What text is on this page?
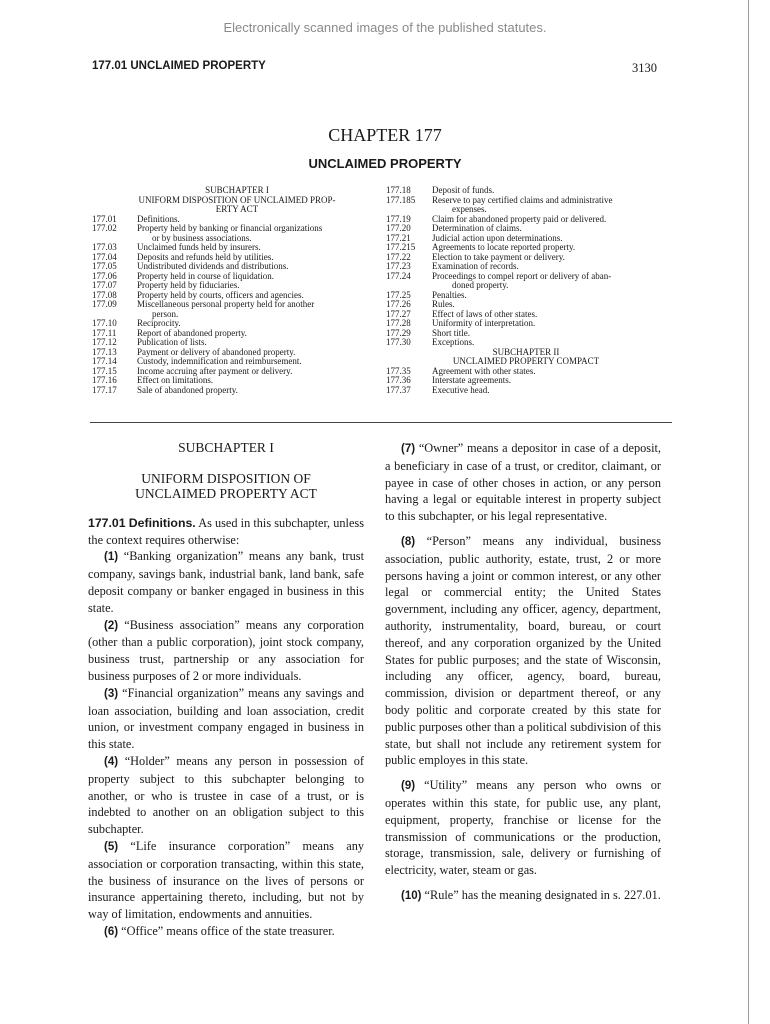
Electronically scanned images of the published statutes.
177.01 UNCLAIMED PROPERTY	3130
CHAPTER 177
UNCLAIMED PROPERTY
SUBCHAPTER I
UNIFORM DISPOSITION OF UNCLAIMED PROP-
ERTY ACT
177.01	Definitions.
177.02	Property held by banking or financial organizations
or by business associations.
177.03	Unclaimed funds held by insurers.
177.04	Deposits and refunds held by utilities.
177.05	Undistributed dividends and distributions.
177.06	Property held in course of liquidation.
177.07	Property held by fiduciaries.
177.08	Property held by courts, officers and agencies.
177.09	Miscellaneous personal property held for another
person.
177.10	Reciprocity.
177.11	Report of abandoned property.
177.12	Publication of lists.
177.13	Payment or delivery of abandoned property.
177.14	Custody, indemnification and reimbursement.
177.15	Income accruing after payment or delivery.
177.16	Effect on limitations.
177.17	Sale of abandoned property.
177.18	Deposit of funds.
177.185	Reserve to pay certified claims and administrative
expenses.
177.19	Claim for abandoned property paid or delivered.
177.20	Determination of claims.
177.21	Judicial action upon determinations.
177.215	Agreements to locate reported property.
177.22	Election to take payment or delivery.
177.23	Examination of records.
177.24	Proceedings to compel report or delivery of aban-
doned property.
177.25	Penalties.
177.26	Rules.
177.27	Effect of laws of other states.
177.28	Uniformity of interpretation.
177.29	Short title.
177.30	Exceptions.
SUBCHAPTER II
UNCLAIMED PROPERTY COMPACT
177.35	Agreement with other states.
177.36	Interstate agreements.
177.37	Executive head.

SUBCHAPTER I

UNIFORM DISPOSITION OF

UNCLAIMED PROPERTY ACT

177.01 Definitions. As used in this subchapter, unless the context requires otherwise:

(1) “Banking organization” means any bank, trust company, savings bank, industrial bank, land bank, safe deposit company or banker engaged in business in this state.

(2) “Business association” means any corporation (other than a public corporation), joint stock company, business trust, partnership or any association for business purposes of 2 or more individuals.

(3) “Financial organization” means any savings and loan association, building and loan association, credit union, or investment company engaged in business in this state.

(4) “Holder” means any person in possession of property subject to this subchapter belonging to another, or who is trustee in case of a trust, or is indebted to another on an obligation subject to this subchapter.

(5) “Life insurance corporation” means any association or corporation transacting, within this state, the business of insurance on the lives of persons or insurance appertaining thereto, including, but not by way of limitation, endowments and annuities.

(6) “Office” means office of the state treasurer.

(7) “Owner” means a depositor in case of a deposit, a beneficiary in case of a trust, or creditor, claimant, or payee in case of other choses in action, or any person having a legal or equitable interest in property subject to this subchapter, or his legal representative.

(8) “Person” means any individual, business association, public authority, estate, trust, 2 or more persons having a joint or common interest, or any other legal or commercial entity; the United States government, including any officer, agency, department, authority, instrumentality, board, bureau, or court thereof, and any corporation organized by the United States for public purposes; and the state of Wisconsin, including any officer, agency, board, bureau, commission, division or department thereof, or any body politic and corporate created by this state for public purposes other than a political subdivision of this state, but shall not include any retirement system for public employes in this state.

(9) “Utility” means any person who owns or operates within this state, for public use, any plant, equipment, property, franchise or license for the transmission of communications or the production, storage, transmission, sale, delivery or furnishing of electricity, water, steam or gas.

(10) “Rule” has the meaning designated in s. 227.01.
